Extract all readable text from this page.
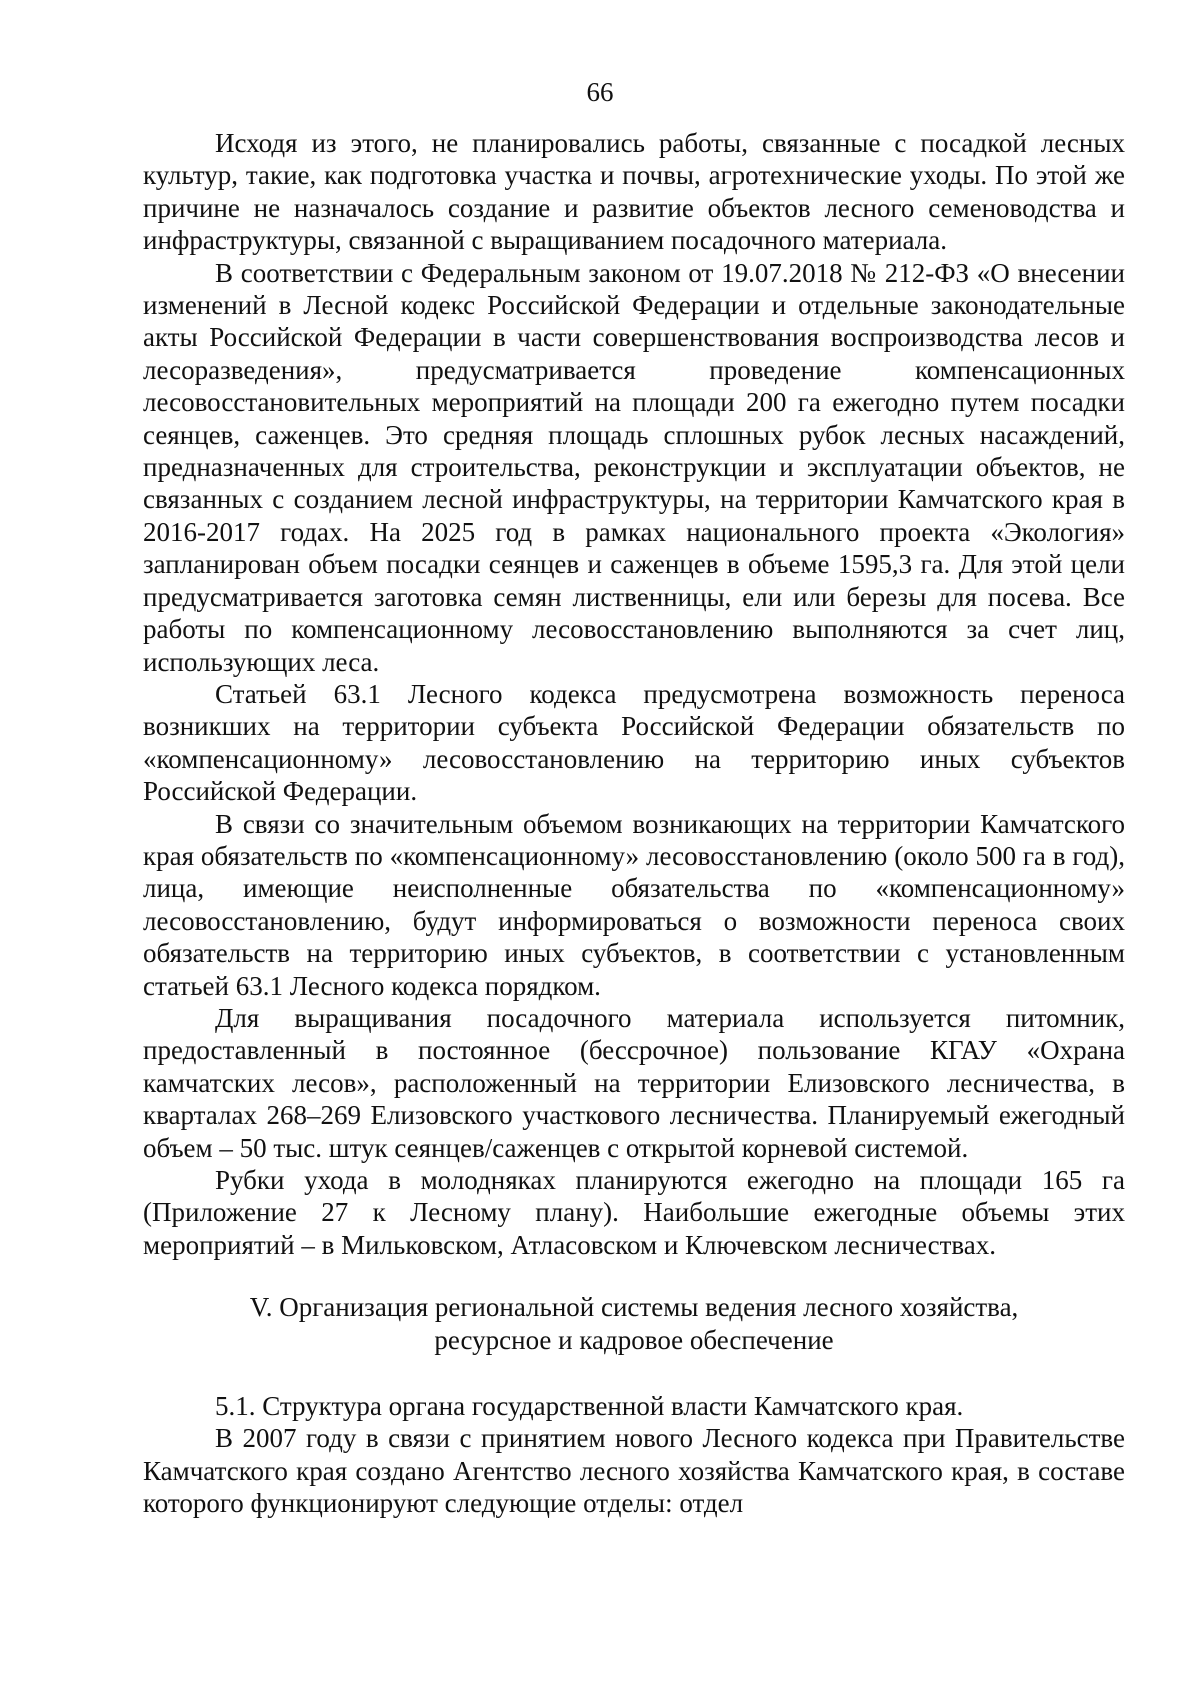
66

Исходя из этого, не планировались работы, связанные с посадкой лесных культур, такие, как подготовка участка и почвы, агротехнические уходы. По этой же причине не назначалось создание и развитие объектов лесного семеноводства и инфраструктуры, связанной с выращиванием посадочного материала.

В соответствии с Федеральным законом от 19.07.2018 № 212-ФЗ «О внесении изменений в Лесной кодекс Российской Федерации и отдельные законодательные акты Российской Федерации в части совершенствования воспроизводства лесов и лесоразведения», предусматривается проведение компенсационных лесовосстановительных мероприятий на площади 200 га ежегодно путем посадки сеянцев, саженцев. Это средняя площадь сплошных рубок лесных насаждений, предназначенных для строительства, реконструкции и эксплуатации объектов, не связанных с созданием лесной инфраструктуры, на территории Камчатского края в 2016-2017 годах. На 2025 год в рамках национального проекта «Экология» запланирован объем посадки сеянцев и саженцев в объеме 1595,3 га. Для этой цели предусматривается заготовка семян лиственницы, ели или березы для посева. Все работы по компенсационному лесовосстановлению выполняются за счет лиц, использующих леса.

Статьей 63.1 Лесного кодекса предусмотрена возможность переноса возникших на территории субъекта Российской Федерации обязательств по «компенсационному» лесовосстановлению на территорию иных субъектов Российской Федерации.

В связи со значительным объемом возникающих на территории Камчатского края обязательств по «компенсационному» лесовосстановлению (около 500 га в год), лица, имеющие неисполненные обязательства по «компенсационному» лесовосстановлению, будут информироваться о возможности переноса своих обязательств на территорию иных субъектов, в соответствии с установленным статьей 63.1 Лесного кодекса порядком.

Для выращивания посадочного материала используется питомник, предоставленный в постоянное (бессрочное) пользование КГАУ «Охрана камчатских лесов», расположенный на территории Елизовского лесничества, в кварталах 268–269 Елизовского участкового лесничества. Планируемый ежегодный объем – 50 тыс. штук сеянцев/саженцев с открытой корневой системой.

Рубки ухода в молодняках планируются ежегодно на площади 165 га (Приложение 27 к Лесному плану). Наибольшие ежегодные объемы этих мероприятий – в Мильковском, Атласовском и Ключевском лесничествах.

V. Организация региональной системы ведения лесного хозяйства,
ресурсное и кадровое обеспечение

5.1. Структура органа государственной власти Камчатского края.

В 2007 году в связи с принятием нового Лесного кодекса при Правительстве Камчатского края создано Агентство лесного хозяйства Камчатского края, в составе которого функционируют следующие отделы: отдел
